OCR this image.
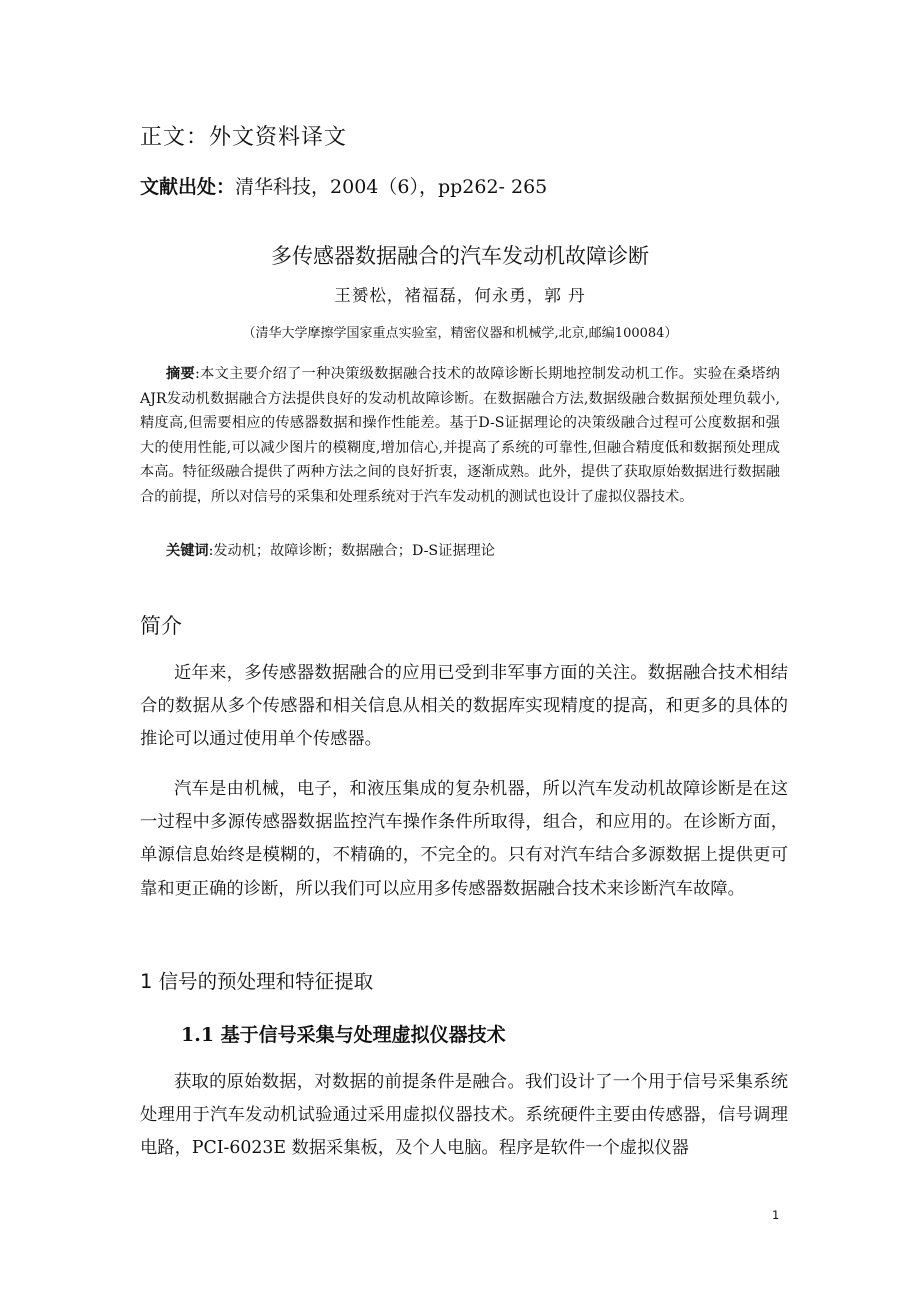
正文：外文资料译文
文献出处：清华科技，2004（6），pp262- 265
多传感器数据融合的汽车发动机故障诊断
王赟松，褚福磊，何永勇，郭 丹
（清华大学摩擦学国家重点实验室，精密仪器和机械学,北京,邮编100084）
摘要:本文主要介绍了一种决策级数据融合技术的故障诊断长期地控制发动机工作。实验在桑塔纳AJR发动机数据融合方法提供良好的发动机故障诊断。在数据融合方法,数据级融合数据预处理负载小,精度高,但需要相应的传感器数据和操作性能差。基于D-S证据理论的决策级融合过程可公度数据和强大的使用性能,可以减少图片的模糊度,增加信心,并提高了系统的可靠性,但融合精度低和数据预处理成本高。特征级融合提供了两种方法之间的良好折衷，逐渐成熟。此外，提供了获取原始数据进行数据融合的前提，所以对信号的采集和处理系统对于汽车发动机的测试也设计了虚拟仪器技术。
关键词:发动机；故障诊断；数据融合；D-S证据理论
简介
近年来，多传感器数据融合的应用已受到非军事方面的关注。数据融合技术相结合的数据从多个传感器和相关信息从相关的数据库实现精度的提高，和更多的具体的推论可以通过使用单个传感器。
汽车是由机械，电子，和液压集成的复杂机器，所以汽车发动机故障诊断是在这一过程中多源传感器数据监控汽车操作条件所取得，组合，和应用的。在诊断方面，单源信息始终是模糊的，不精确的，不完全的。只有对汽车结合多源数据上提供更可靠和更正确的诊断，所以我们可以应用多传感器数据融合技术来诊断汽车故障。
1 信号的预处理和特征提取
1.1 基于信号采集与处理虚拟仪器技术
获取的原始数据，对数据的前提条件是融合。我们设计了一个用于信号采集系统处理用于汽车发动机试验通过采用虚拟仪器技术。系统硬件主要由传感器，信号调理电路，PCI-6023E 数据采集板，及个人电脑。程序是软件一个虚拟仪器
1
